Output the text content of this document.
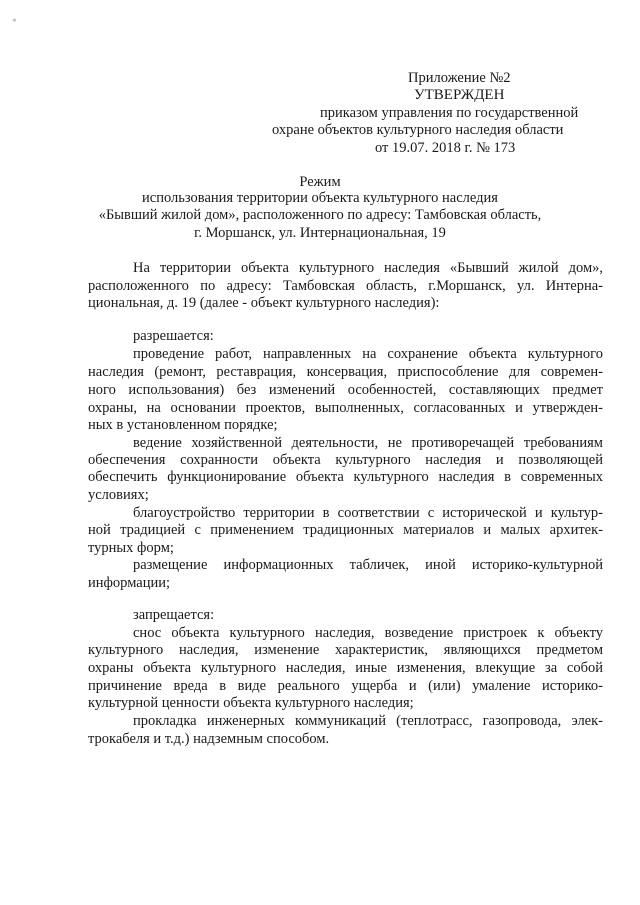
*
Приложение №2
УТВЕРЖДЕН
приказом управления по государственной
охране объектов культурного наследия области
от 19.07. 2018 г. № 173
Режим
использования территории объекта культурного наследия
«Бывший жилой дом», расположенного по адресу: Тамбовская область,
г. Моршанск, ул. Интернациональная, 19
На территории объекта культурного наследия «Бывший жилой дом»,
расположенного по адресу: Тамбовская область, г.Моршанск, ул. Интерна-
циональная, д. 19 (далее - объект культурного наследия):
разрешается:
проведение работ, направленных на сохранение объекта культурного
наследия (ремонт, реставрация, консервация, приспособление для современ-
ного использования) без изменений особенностей, составляющих предмет
охраны, на основании проектов, выполненных, согласованных и утвержден-
ных в установленном порядке;
ведение хозяйственной деятельности, не противоречащей требованиям
обеспечения сохранности объекта культурного наследия и позволяющей
обеспечить функционирование объекта культурного наследия в современных
условиях;
благоустройство территории в соответствии с исторической и культур-
ной традицией с применением традиционных материалов и малых архитек-
турных форм;
размещение информационных табличек, иной историко-культурной
информации;
запрещается:
снос объекта культурного наследия, возведение пристроек к объекту
культурного наследия, изменение характеристик, являющихся предметом
охраны объекта культурного наследия, иные изменения, влекущие за собой
причинение вреда в виде реального ущерба и (или) умаление историко-
культурной ценности объекта культурного наследия;
прокладка инженерных коммуникаций (теплотрасс, газопровода, элек-
трокабеля и т.д.) надземным способом.
